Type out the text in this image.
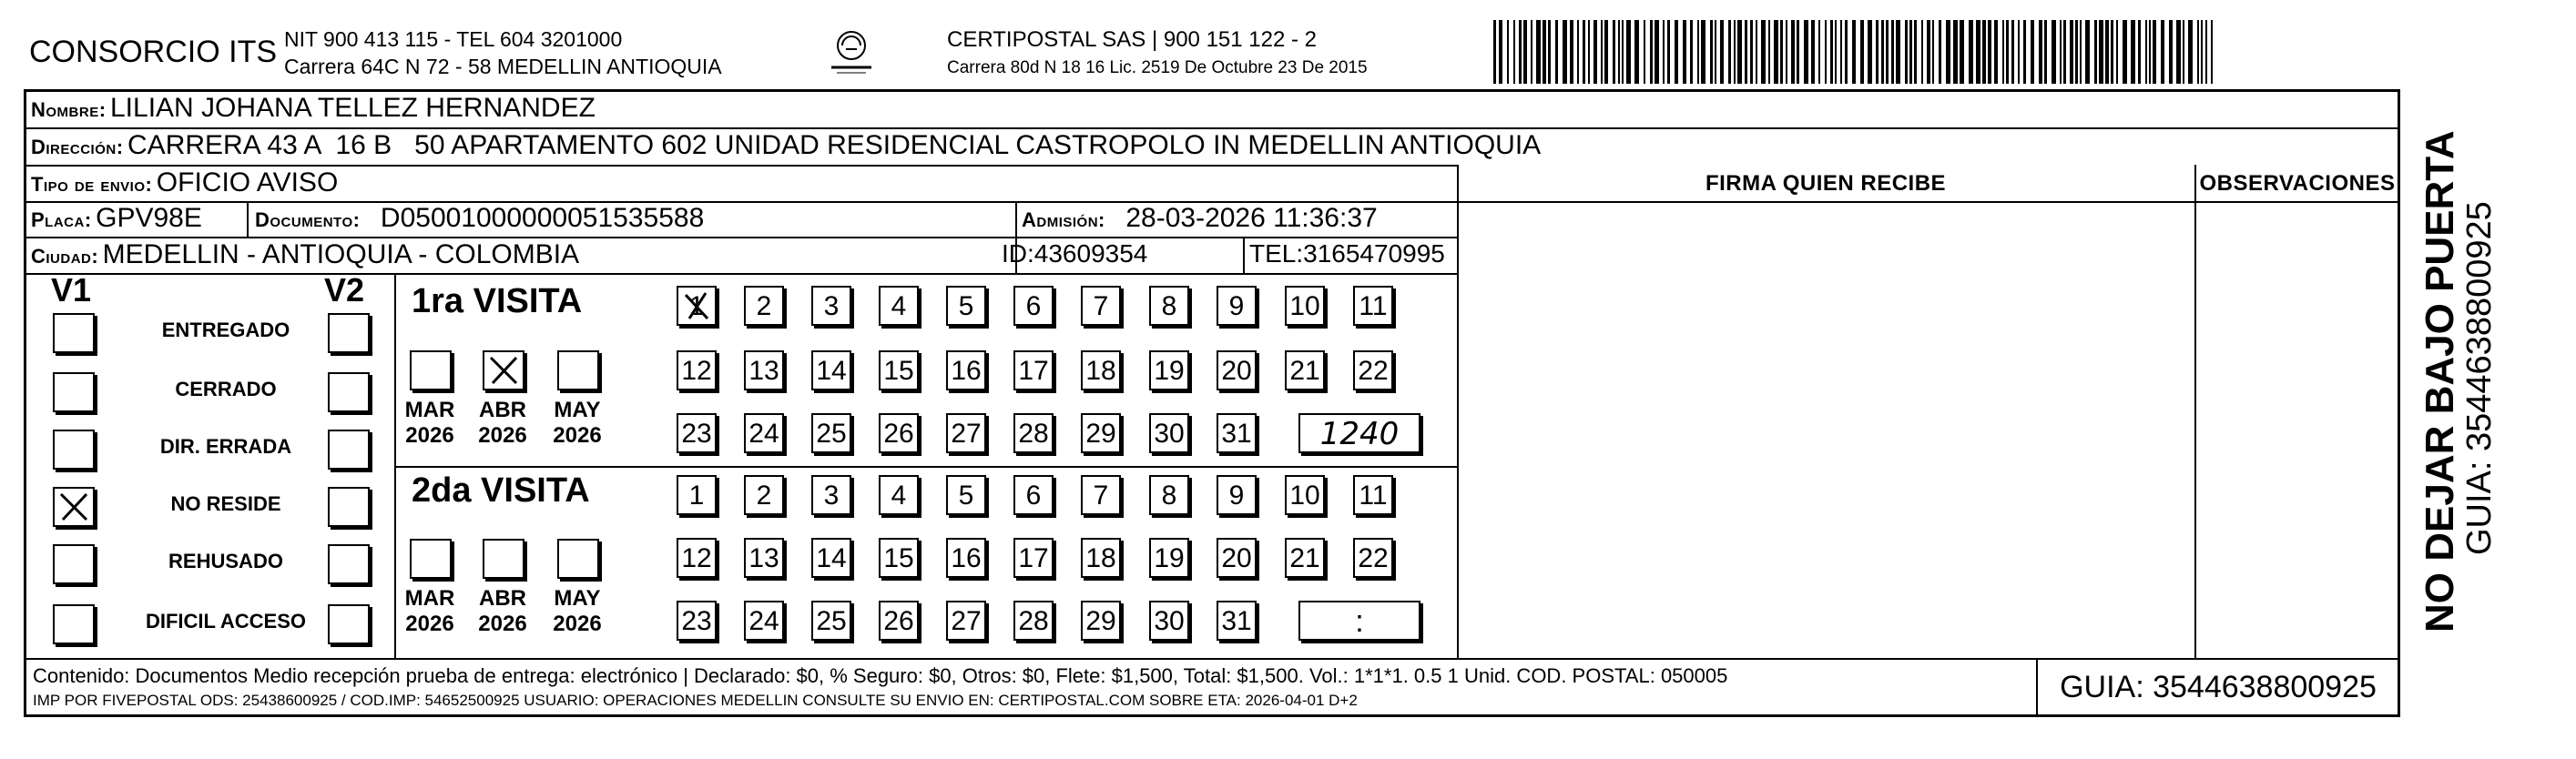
CONSORCIO ITS NIT 900 413 115 - TEL 604 3201000
Carrera 64C N 72 - 58 MEDELLIN ANTIOQUIA
CERTIPOSTAL SAS | 900 151 122 - 2
Carrera 80d N 18 16 Lic. 2519 De Octubre 23 De 2015
Nombre: LILIAN JOHANA TELLEZ HERNANDEZ
Dirección: CARRERA 43 A  16 B   50 APARTAMENTO 602 UNIDAD RESIDENCIAL CASTROPOLO IN MEDELLIN ANTIOQUIA
Tipo de envio: OFICIO AVISO
Placa: GPV98E	Documento: D05001000000051535588	Admisión: 28-03-2026 11:36:37
Ciudad: MEDELLIN - ANTIOQUIA - COLOMBIA	ID:43609354	TEL:3165470995
FIRMA QUIEN RECIBE	OBSERVACIONES
V1	V2 1ra VISITA
2da VISITA
Contenido: Documentos Medio recepción prueba de entrega: electrónico | Declarado: $0, % Seguro: $0, Otros: $0, Flete: $1,500, Total: $1,500. Vol.: 1*1*1. 0.5 1 Unid. COD. POSTAL: 050005
IMP POR FIVEPOSTAL ODS: 25438600925 / COD.IMP: 54652500925 USUARIO: OPERACIONES MEDELLIN CONSULTE SU ENVIO EN: CERTIPOSTAL.COM SOBRE ETA: 2026-04-01 D+2	GUIA: 3544638800925
NO DEJAR BAJO PUERTA
GUIA: 3544638800925
ENTREGADO
CERRADO
DIR. ERRADA
NO RESIDE
REHUSADO
DIFICIL ACCESO
MAR
2026
ABR
2026
MAY
2026
MAR
2026
ABR
2026
MAY
2026
1	2	3	4	5	6	7	8	9	10 11
12 13 14 15 16 17 18 19 20 21 22
23 24 25 26 27 28 29 30 31	1240
1	2	3	4	5	6	7	8	9	10 11
12 13 14 15 16 17 18 19 20 21 22
23 24 25 26 27 28 29 30 31	:
